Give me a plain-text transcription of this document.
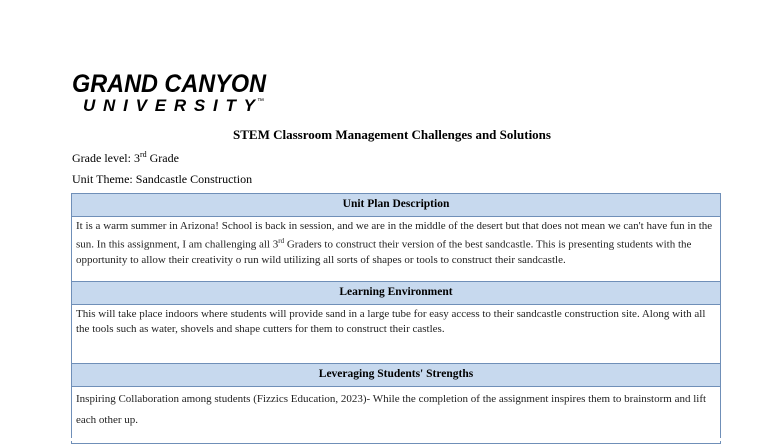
GRAND CANYON
UNIVERSITY ™
STEM Classroom Management Challenges and Solutions
Grade level: 3rd Grade
Unit Theme: Sandcastle Construction
Unit Plan Description
It is a warm summer in Arizona! School is back in session, and we are in the middle of the desert but that does not mean we can't have fun in the sun. In this assignment, I am challenging all 3rd Graders to construct their version of the best sandcastle. This is presenting students with the opportunity to allow their creativity o run wild utilizing all sorts of shapes or tools to construct their sandcastle.
Learning Environment
This will take place indoors where students will provide sand in a large tube for easy access to their sandcastle construction site. Along with all the tools such as water, shovels and shape cutters for them to construct their castles.
Leveraging Students' Strengths
Inspiring Collaboration among students (Fizzics Education, 2023)- While the completion of the assignment inspires them to brainstorm and lift each other up.
